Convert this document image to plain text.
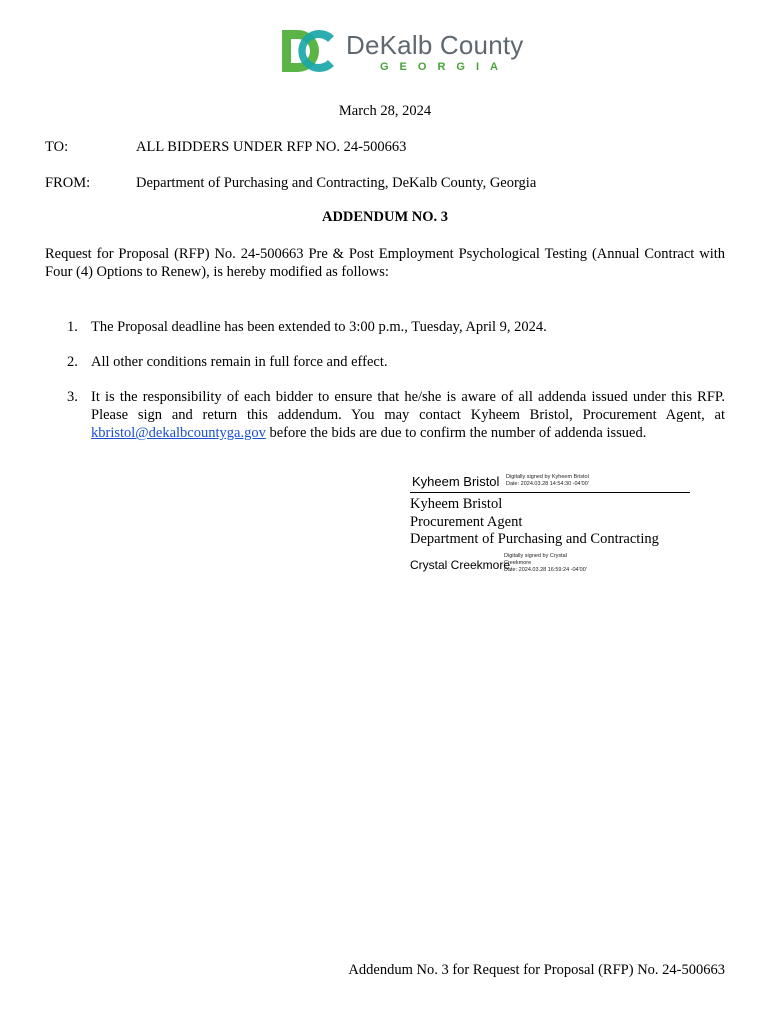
DeKalb County
GEORGIA
March 28, 2024
TO:	ALL BIDDERS UNDER RFP NO. 24-500663
FROM:	Department of Purchasing and Contracting, DeKalb County, Georgia
ADDENDUM NO. 3
Request for Proposal (RFP) No. 24-500663 Pre & Post Employment Psychological Testing (Annual Contract with Four (4) Options to Renew), is hereby modified as follows:
1. The Proposal deadline has been extended to 3:00 p.m., Tuesday, April 9, 2024.
2. All other conditions remain in full force and effect.
3. It is the responsibility of each bidder to ensure that he/she is aware of all addenda issued under this RFP. Please sign and return this addendum. You may contact Kyheem Bristol, Procurement Agent, at kbristol@dekalbcountyga.gov before the bids are due to confirm the number of addenda issued.
Kyheem Bristol Digitally signed by Kyheem Bristol
Date: 2024.03.28 14:54:30 -04'00'
Kyheem Bristol
Procurement Agent
Department of Purchasing and Contracting
Crystal Creekmore
Digitally signed by Crystal
Creekmore
Date: 2024.03.28 16:59:24 -04'00'
Addendum No. 3 for Request for Proposal (RFP) No. 24-500663
